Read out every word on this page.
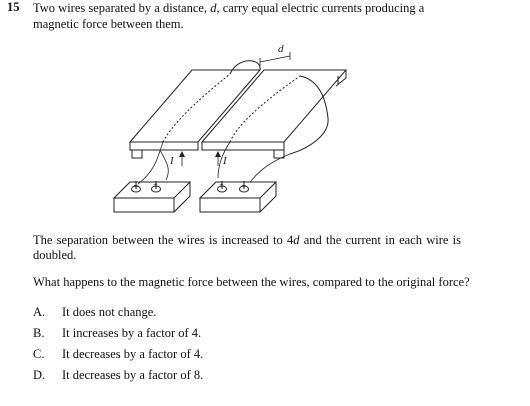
15 Two wires separated by a distance, d, carry equal electric currents producing a magnetic force between them.
d
I	I
− +	+	−
The separation between the wires is increased to 4d and the current in each wire is doubled.
What happens to the magnetic force between the wires, compared to the original force?
A.	It does not change.
B.	It increases by a factor of 4.
C.	It decreases by a factor of 4.
D.	It decreases by a factor of 8.
